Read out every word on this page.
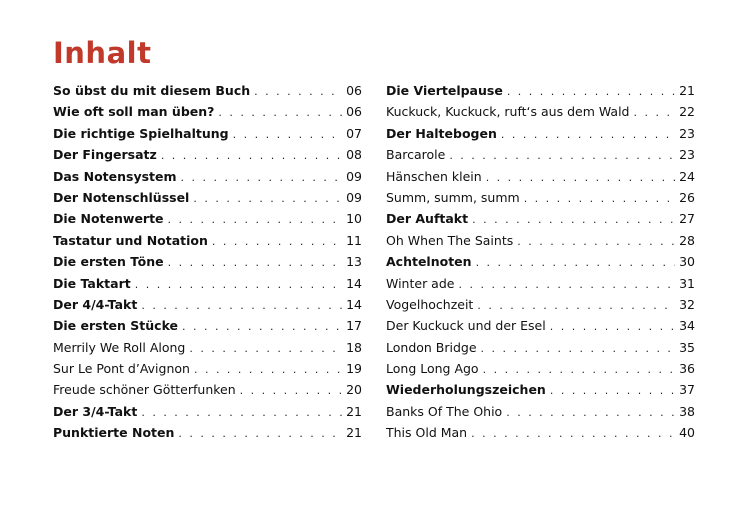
Inhalt
So übst du mit diesem Buch . . .	06
Wie oft soll man üben? . . .	06
Die richtige Spielhaltung . . .	07
Der Fingersatz . . .	08
Das Notensystem . . .	09
Der Notenschlüssel . . .	09
Die Notenwerte . . .	10
Tastatur und Notation . . .	11
Die ersten Töne . . .	13
Die Taktart . . .	14
Der 4/4-Takt . . .	14
Die ersten Stücke . . .	17
Merrily We Roll Along . . .	18
Sur Le Pont d’Avignon . . .	19
Freude schöner Götterfunken . . .	20
Der 3/4-Takt . . .	21
Punktierte Noten . . .	21
Die Viertelpause . . .	21
Kuckuck, Kuckuck, ruft‘s aus dem Wald . . .	22
Der Haltebogen . . .	23
Barcarole . . .	23
Hänschen klein . . .	24
Summ, summ, summ . . .	26
Der Auftakt . . .	27
Oh When The Saints . . .	28
Achtelnoten . . .	30
Winter ade . . .	31
Vogelhochzeit . . .	32
Der Kuckuck und der Esel . . .	34
London Bridge . . .	35
Long Long Ago . . .	36
Wiederholungszeichen . . .	37
Banks Of The Ohio . . .	38
This Old Man . . .	40
